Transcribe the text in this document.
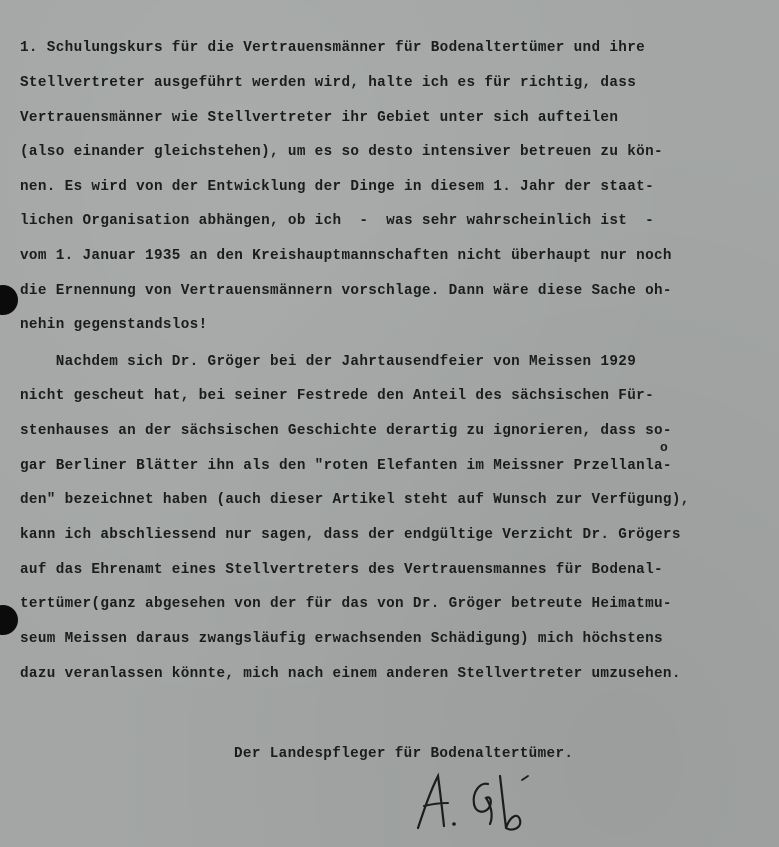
1. Schulungskurs für die Vertrauensmänner für Bodenaltertümer und ihre
Stellvertreter ausgeführt werden wird, halte ich es für richtig, dass
Vertrauensmänner wie Stellvertreter ihr Gebiet unter sich aufteilen
(also einander gleichstehen), um es so desto intensiver betreuen zu kön-
nen. Es wird von der Entwicklung der Dinge in diesem 1. Jahr der staat-
lichen Organisation abhängen, ob ich  -  was sehr wahrscheinlich ist  -
vom 1. Januar 1935 an den Kreishauptmannschaften nicht überhaupt nur noch
die Ernennung von Vertrauensmännern vorschlage. Dann wäre diese Sache oh-
nehin gegenstandslos!
Nachdem sich Dr. Gröger bei der Jahrtausendfeier von Meissen 1929
nicht gescheut hat, bei seiner Festrede den Anteil des sächsischen Für-
stenhauses an der sächsischen Geschichte derartig zu ignorieren, dass so-
gar Berliner Blätter ihn als den "roten Elefanten im Meissner Przellanla-
den" bezeichnet haben (auch dieser Artikel steht auf Wunsch zur Verfügung),
kann ich abschliessend nur sagen, dass der endgültige Verzicht Dr. Grögers
auf das Ehrenamt eines Stellvertreters des Vertrauensmannes für Bodenal-
tertümer(ganz abgesehen von der für das von Dr. Gröger betreute Heimatmu-
seum Meissen daraus zwangsläufig erwachsenden Schädigung) mich höchstens
dazu veranlassen könnte, mich nach einem anderen Stellvertreter umzusehen.
o
Der Landespfleger für Bodenaltertümer.
